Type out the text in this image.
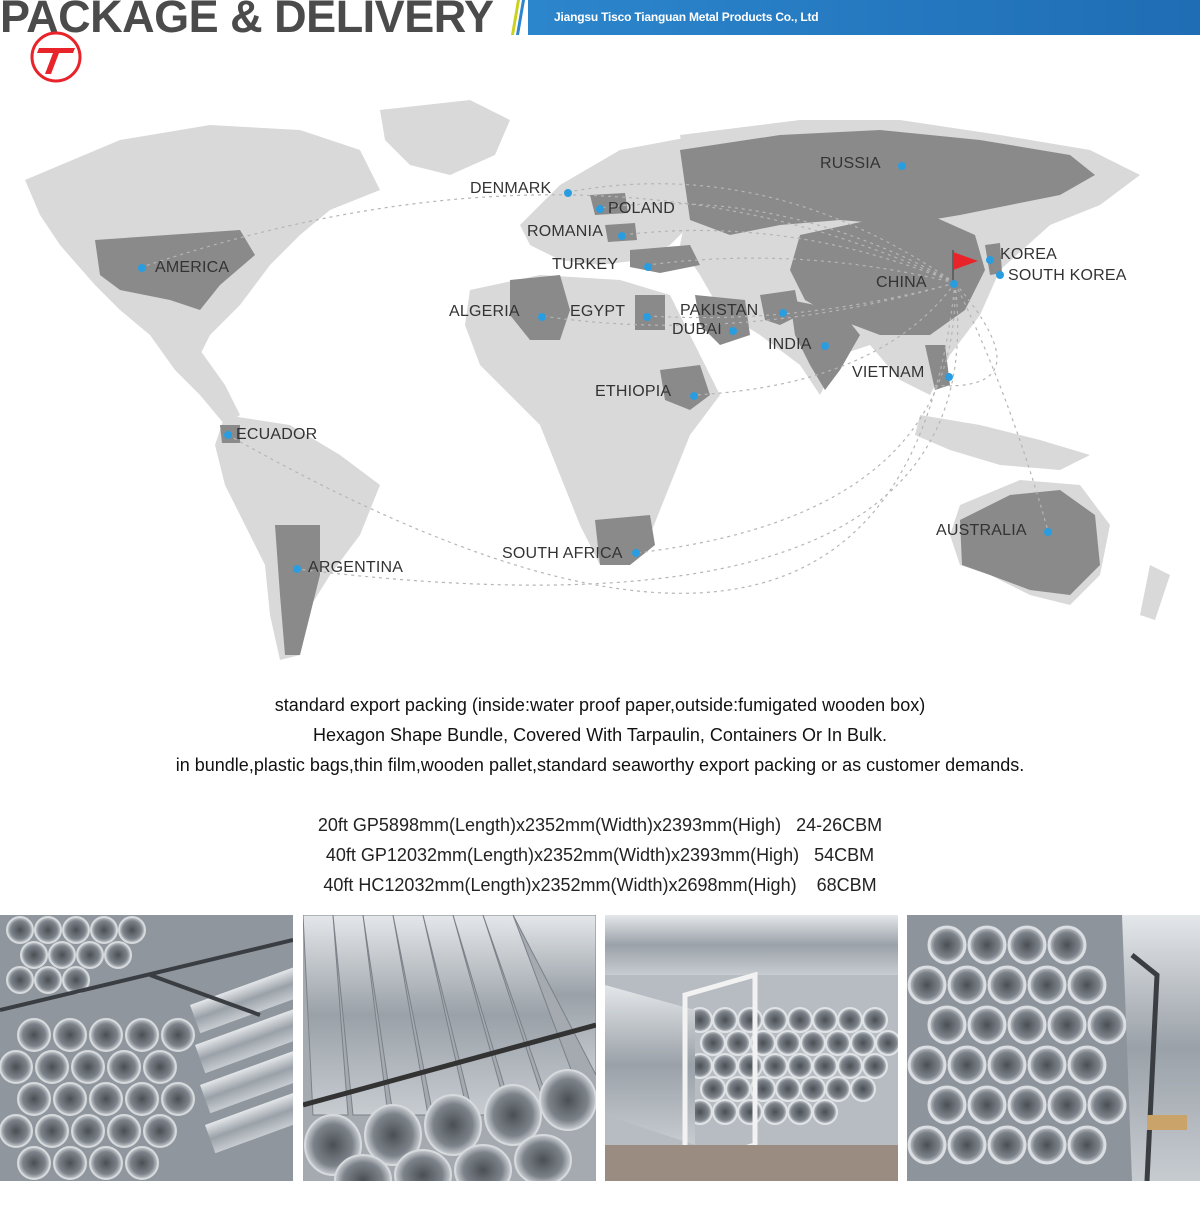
PACKAGE & DELIVERY	Jiangsu Tisco Tianguan Metal Products Co., Ltd
RUSSIA
DENMARK
POLAND
ROMANIA
TURKEY
AMERICA
KOREA
SOUTH KOREA
CHINA
ALGERIA	EGYPT	PAKISTAN
DUBAI
INDIA
VIETNAM
ETHIOPIA
ECUADOR
AUSTRALIA
SOUTH AFRICA
ARGENTINA
standard export packing (inside:water proof paper,outside:fumigated wooden box)
Hexagon Shape Bundle, Covered With Tarpaulin, Containers Or In Bulk.
in bundle,plastic bags,thin film,wooden pallet,standard seaworthy export packing or as customer demands.
20ft GP5898mm(Length)x2352mm(Width)x2393mm(High)   24-26CBM
40ft GP12032mm(Length)x2352mm(Width)x2393mm(High)   54CBM
40ft HC12032mm(Length)x2352mm(Width)x2698mm(High)    68CBM
